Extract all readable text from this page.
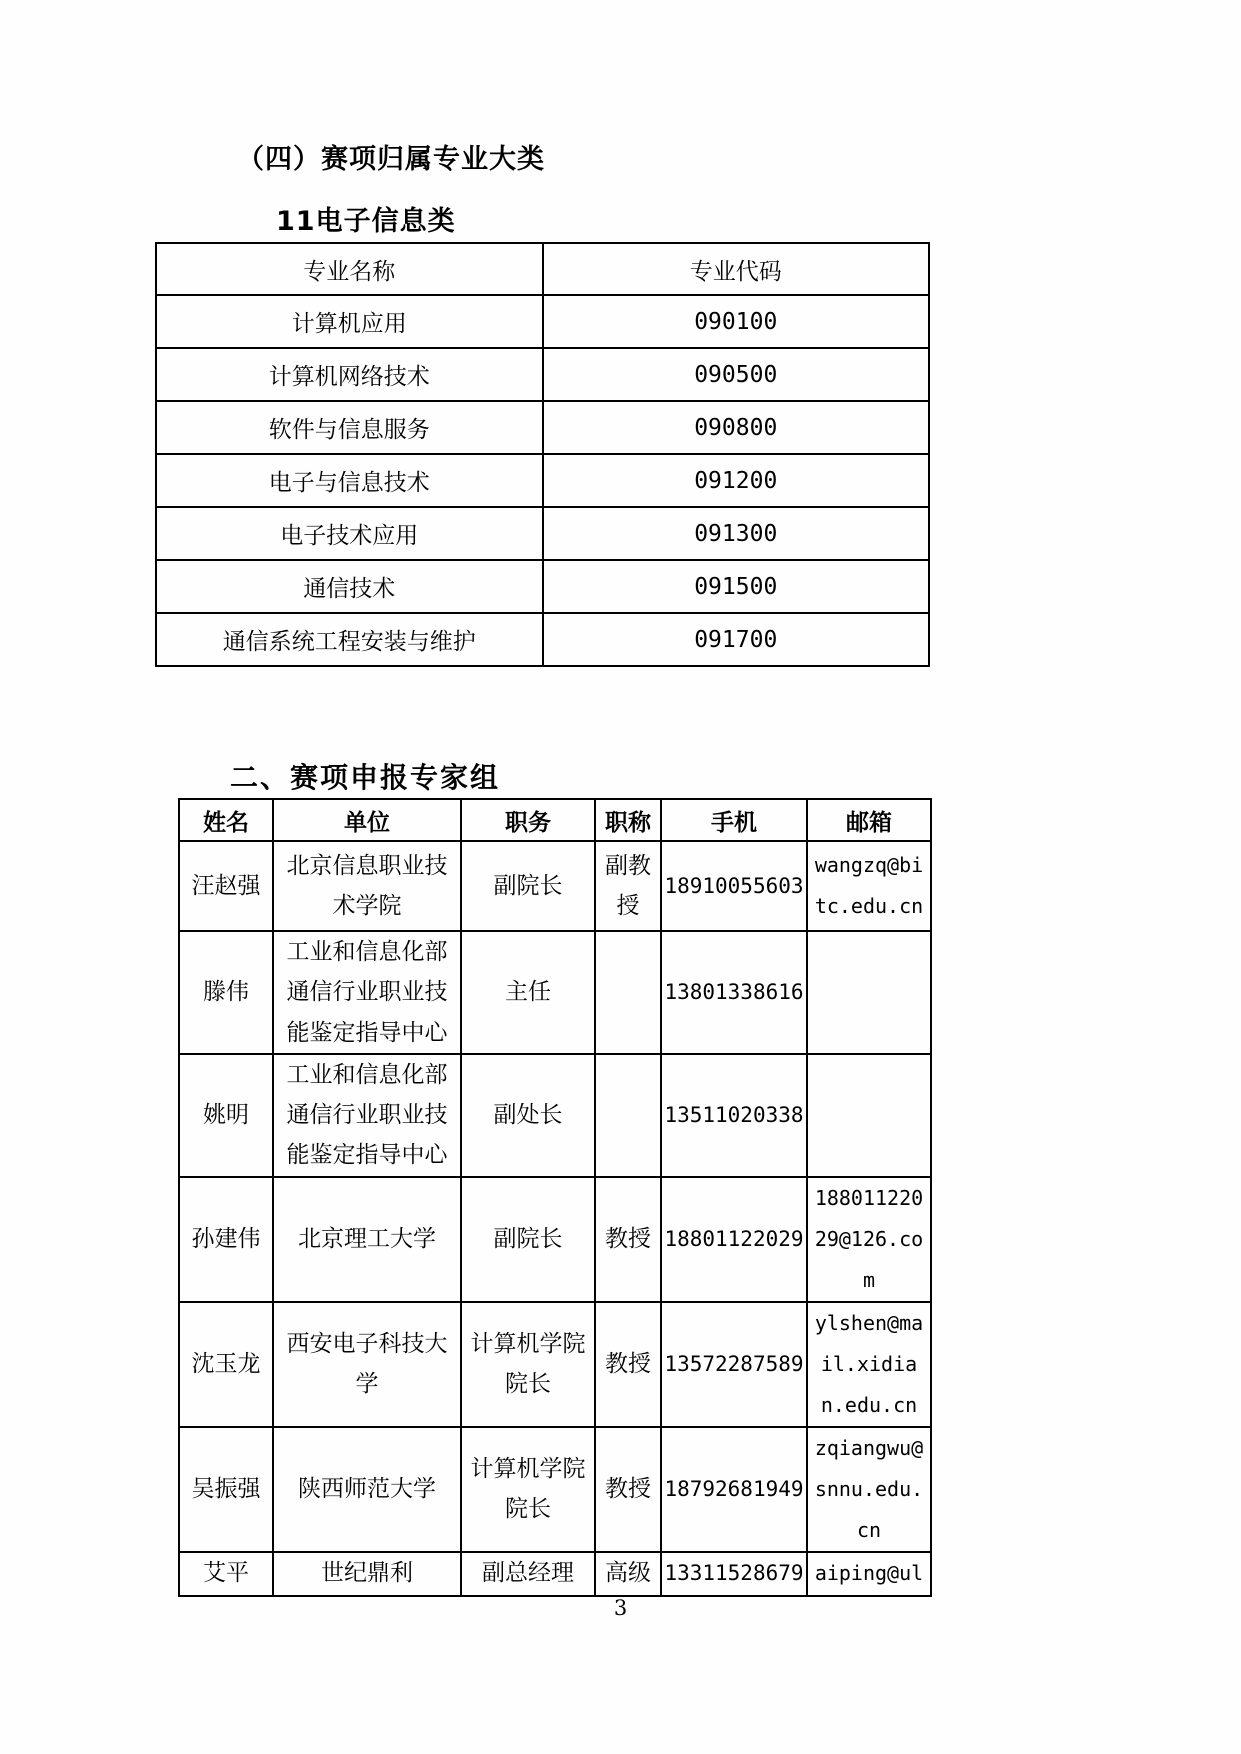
（四）赛项归属专业大类
11电子信息类
专业名称	专业代码
计算机应用	090100
计算机网络技术	090500
软件与信息服务	090800
电子与信息技术	091200
电子技术应用	091300
通信技术	091500
通信系统工程安装与维护	091700
二、赛项申报专家组
姓名	单位	职务	职称	手机	邮箱
汪赵强	北京信息职业技术学院	副院长	副教授	18910055603	wangzq@bitc.edu.cn
滕伟	工业和信息化部通信行业职业技能鉴定指导中心	主任		13801338616	
姚明	工业和信息化部通信行业职业技能鉴定指导中心	副处长		13511020338	
孙建伟	北京理工大学	副院长	教授	18801122029	18801122029@126.com
沈玉龙	西安电子科技大学	计算机学院院长	教授	13572287589	ylshen@mail.xidian.edu.cn
吴振强	陕西师范大学	计算机学院院长	教授	18792681949	zqiangwu@snnu.edu.cn
艾平	世纪鼎利	副总经理	高级	13311528679	aiping@ul
3
